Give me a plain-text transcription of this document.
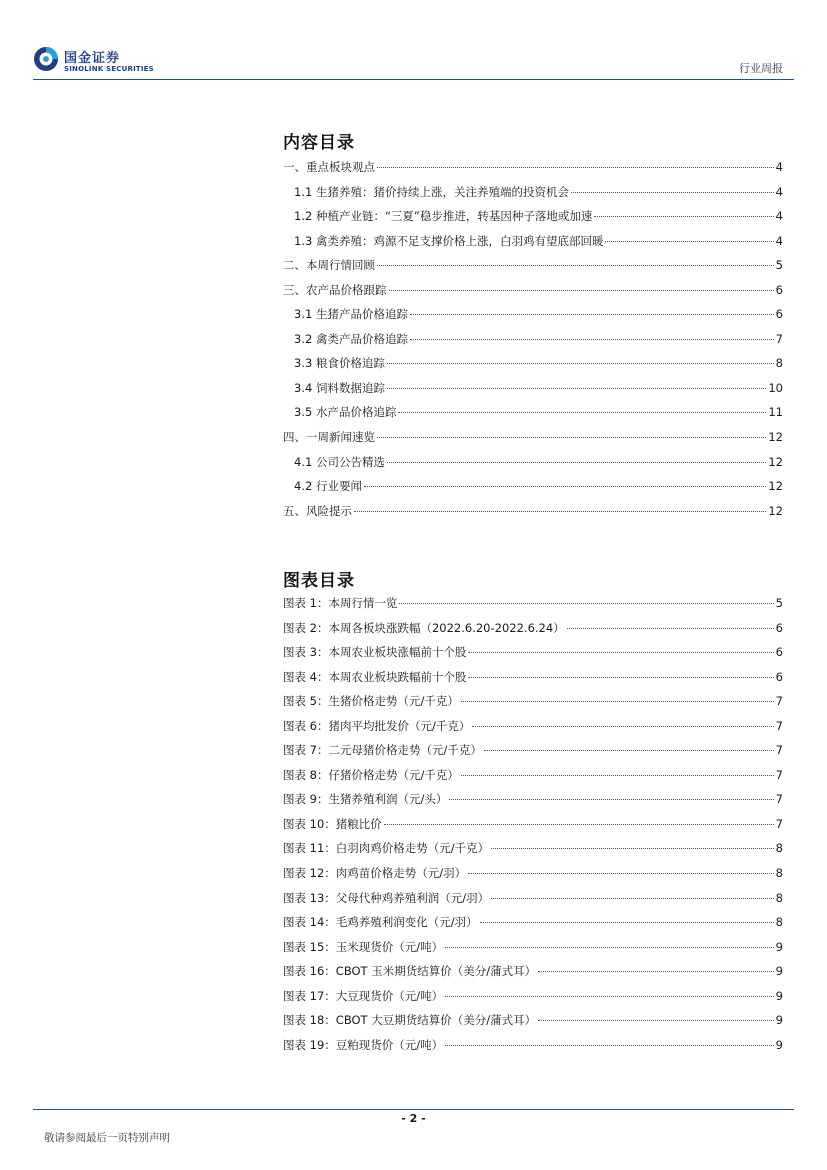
国金证券
SINOLINK SECURITIES	行业周报
内容目录
一、重点板块观点	4
1.1 生猪养殖：猪价持续上涨，关注养殖端的投资机会	4
1.2 种植产业链：“三夏”稳步推进，转基因种子落地或加速	4
1.3 禽类养殖：鸡源不足支撑价格上涨，白羽鸡有望底部回暖	4
二、本周行情回顾	5
三、农产品价格跟踪	6
3.1 生猪产品价格追踪	6
3.2 禽类产品价格追踪	7
3.3 粮食价格追踪	8
3.4 饲料数据追踪	10
3.5 水产品价格追踪	11
四、一周新闻速览	12
4.1 公司公告精选	12
4.2 行业要闻	12
五、风险提示	12
图表目录
图表 1：本周行情一览	5
图表 2：本周各板块涨跌幅（2022.6.20-2022.6.24）	6
图表 3：本周农业板块涨幅前十个股	6
图表 4：本周农业板块跌幅前十个股	6
图表 5：生猪价格走势（元/千克）	7
图表 6：猪肉平均批发价（元/千克）	7
图表 7：二元母猪价格走势（元/千克）	7
图表 8：仔猪价格走势（元/千克）	7
图表 9：生猪养殖利润（元/头）	7
图表 10：猪粮比价	7
图表 11：白羽肉鸡价格走势（元/千克）	8
图表 12：肉鸡苗价格走势（元/羽）	8
图表 13：父母代种鸡养殖利润（元/羽）	8
图表 14：毛鸡养殖利润变化（元/羽）	8
图表 15：玉米现货价（元/吨）	9
图表 16：CBOT 玉米期货结算价（美分/蒲式耳）	9
图表 17：大豆现货价（元/吨）	9
图表 18：CBOT 大豆期货结算价（美分/蒲式耳）	9
图表 19：豆粕现货价（元/吨）	9
- 2 -
敬请参阅最后一页特别声明
